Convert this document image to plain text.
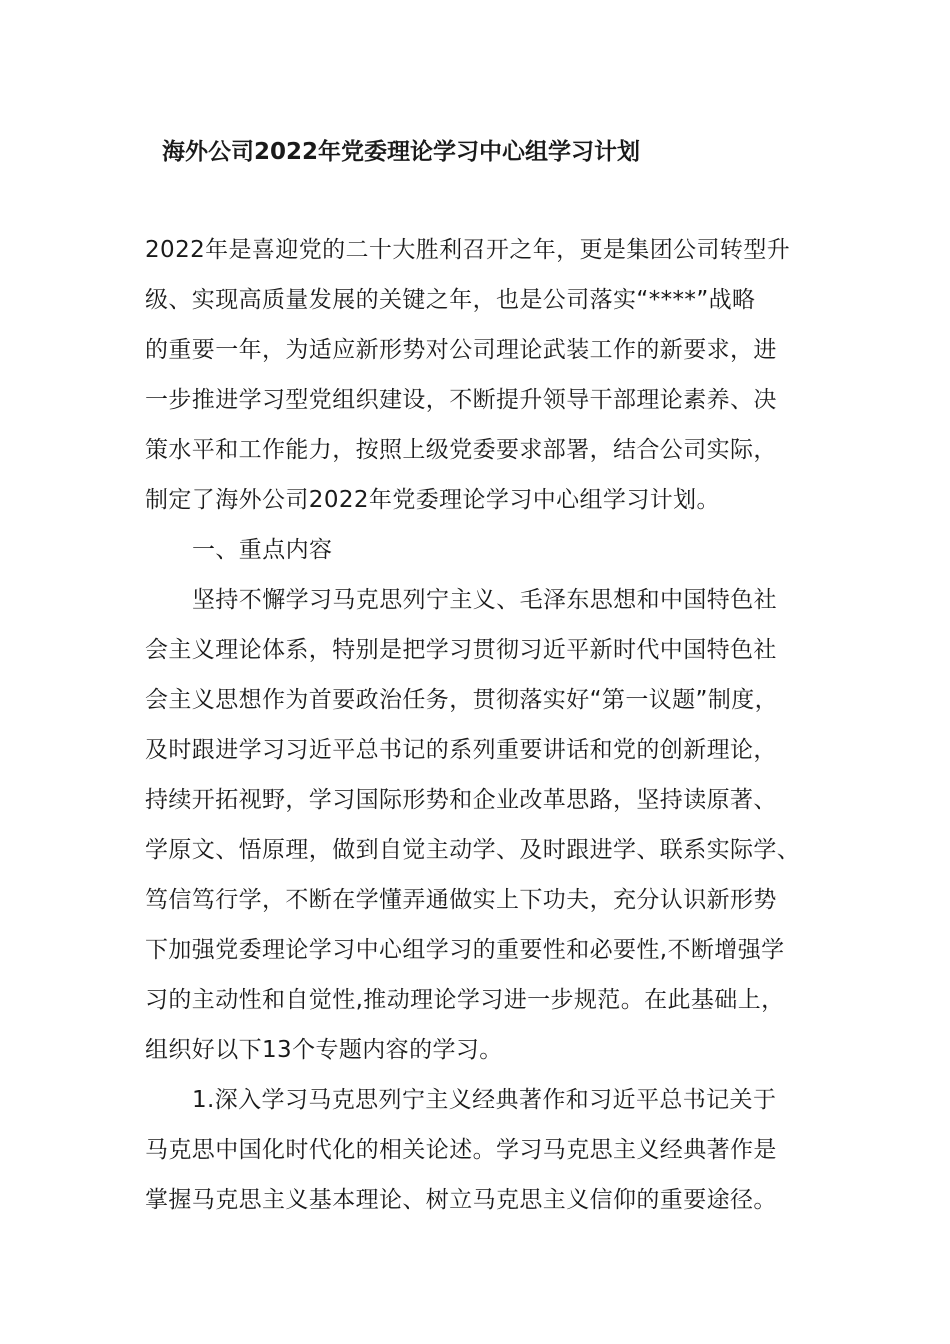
海外公司2022年党委理论学习中心组学习计划
2022年是喜迎党的二十大胜利召开之年，更是集团公司转型升
级、实现高质量发展的关键之年，也是公司落实“****”战略
的重要一年，为适应新形势对公司理论武装工作的新要求，进
一步推进学习型党组织建设，不断提升领导干部理论素养、决
策水平和工作能力，按照上级党委要求部署，结合公司实际，
制定了海外公司2022年党委理论学习中心组学习计划。
一、重点内容
坚持不懈学习马克思列宁主义、毛泽东思想和中国特色社
会主义理论体系，特别是把学习贯彻习近平新时代中国特色社
会主义思想作为首要政治任务，贯彻落实好“第一议题”制度，
及时跟进学习习近平总书记的系列重要讲话和党的创新理论，
持续开拓视野，学习国际形势和企业改革思路，坚持读原著、
学原文、悟原理，做到自觉主动学、及时跟进学、联系实际学、
笃信笃行学，不断在学懂弄通做实上下功夫，充分认识新形势
下加强党委理论学习中心组学习的重要性和必要性,不断增强学
习的主动性和自觉性,推动理论学习进一步规范。在此基础上，
组织好以下13个专题内容的学习。
1.深入学习马克思列宁主义经典著作和习近平总书记关于
马克思中国化时代化的相关论述。学习马克思主义经典著作是
掌握马克思主义基本理论、树立马克思主义信仰的重要途径。
